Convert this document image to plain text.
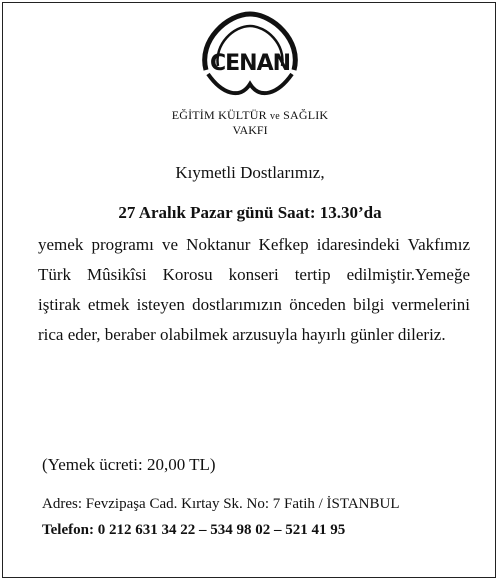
CENAN
EĞİTİM KÜLTÜR ve SAĞLIK
VAKFI
Kıymetli Dostlarımız,
27 Aralık Pazar günü Saat: 13.30’da
yemek programı ve Noktanur Kefkep idaresindeki Vakfımız
Türk Mûsikîsi Korosu konseri tertip edilmiştir.Yemeğe
iştirak etmek isteyen dostlarımızın önceden bilgi vermelerini
rica eder, beraber olabilmek arzusuyla hayırlı günler dileriz.
(Yemek ücreti: 20,00 TL)
Adres: Fevzipaşa Cad. Kırtay Sk. No: 7 Fatih / İSTANBUL
Telefon: 0 212 631 34 22 – 534 98 02 – 521 41 95
